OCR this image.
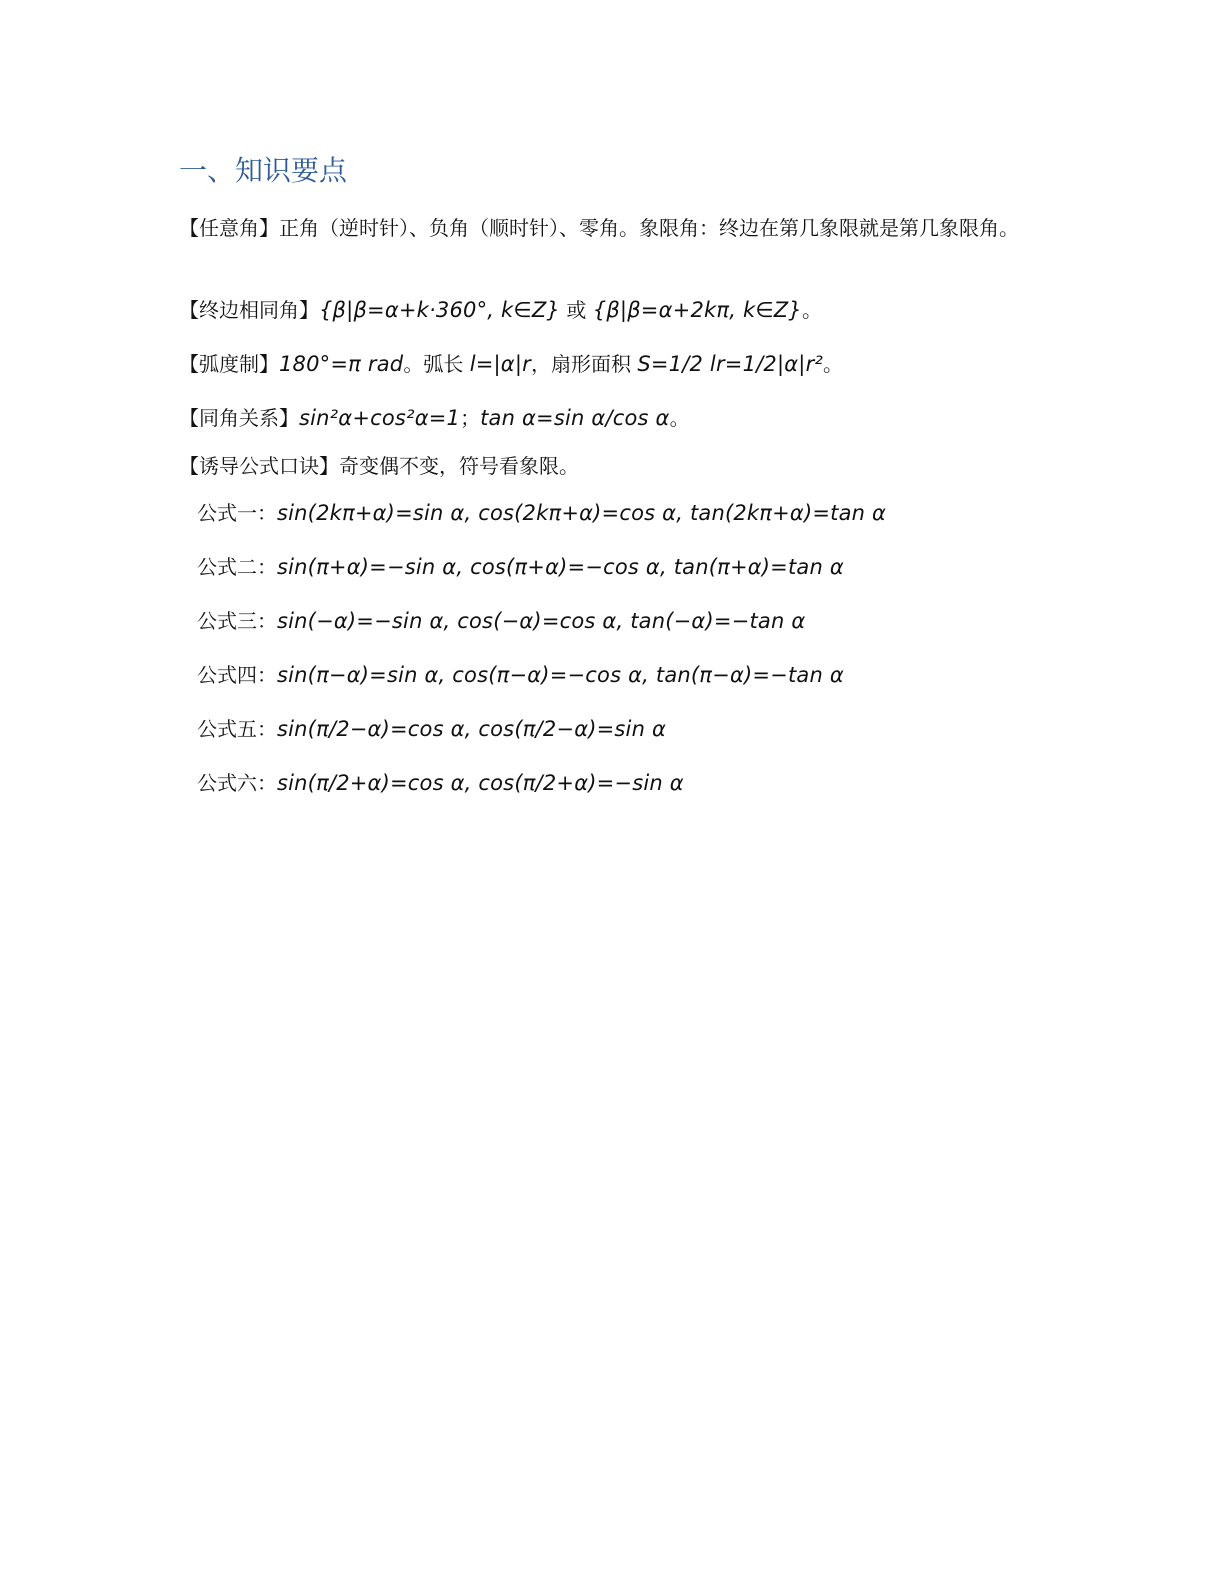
一、知识要点
【任意角】正角（逆时针）、负角（顺时针）、零角。象限角：终边在第几象限就是第几象限角。
【终边相同角】{β|β=α+k·360°, k∈Z} 或 {β|β=α+2kπ, k∈Z}。
【弧度制】180°=π rad。弧长 l=|α|r，扇形面积 S=1/2 lr=1/2|α|r²。
【同角关系】sin²α+cos²α=1；tan α=sin α/cos α。
【诱导公式口诀】奇变偶不变，符号看象限。
公式一：sin(2kπ+α)=sin α, cos(2kπ+α)=cos α, tan(2kπ+α)=tan α
公式二：sin(π+α)=−sin α, cos(π+α)=−cos α, tan(π+α)=tan α
公式三：sin(−α)=−sin α, cos(−α)=cos α, tan(−α)=−tan α
公式四：sin(π−α)=sin α, cos(π−α)=−cos α, tan(π−α)=−tan α
公式五：sin(π/2−α)=cos α, cos(π/2−α)=sin α
公式六：sin(π/2+α)=cos α, cos(π/2+α)=−sin α
